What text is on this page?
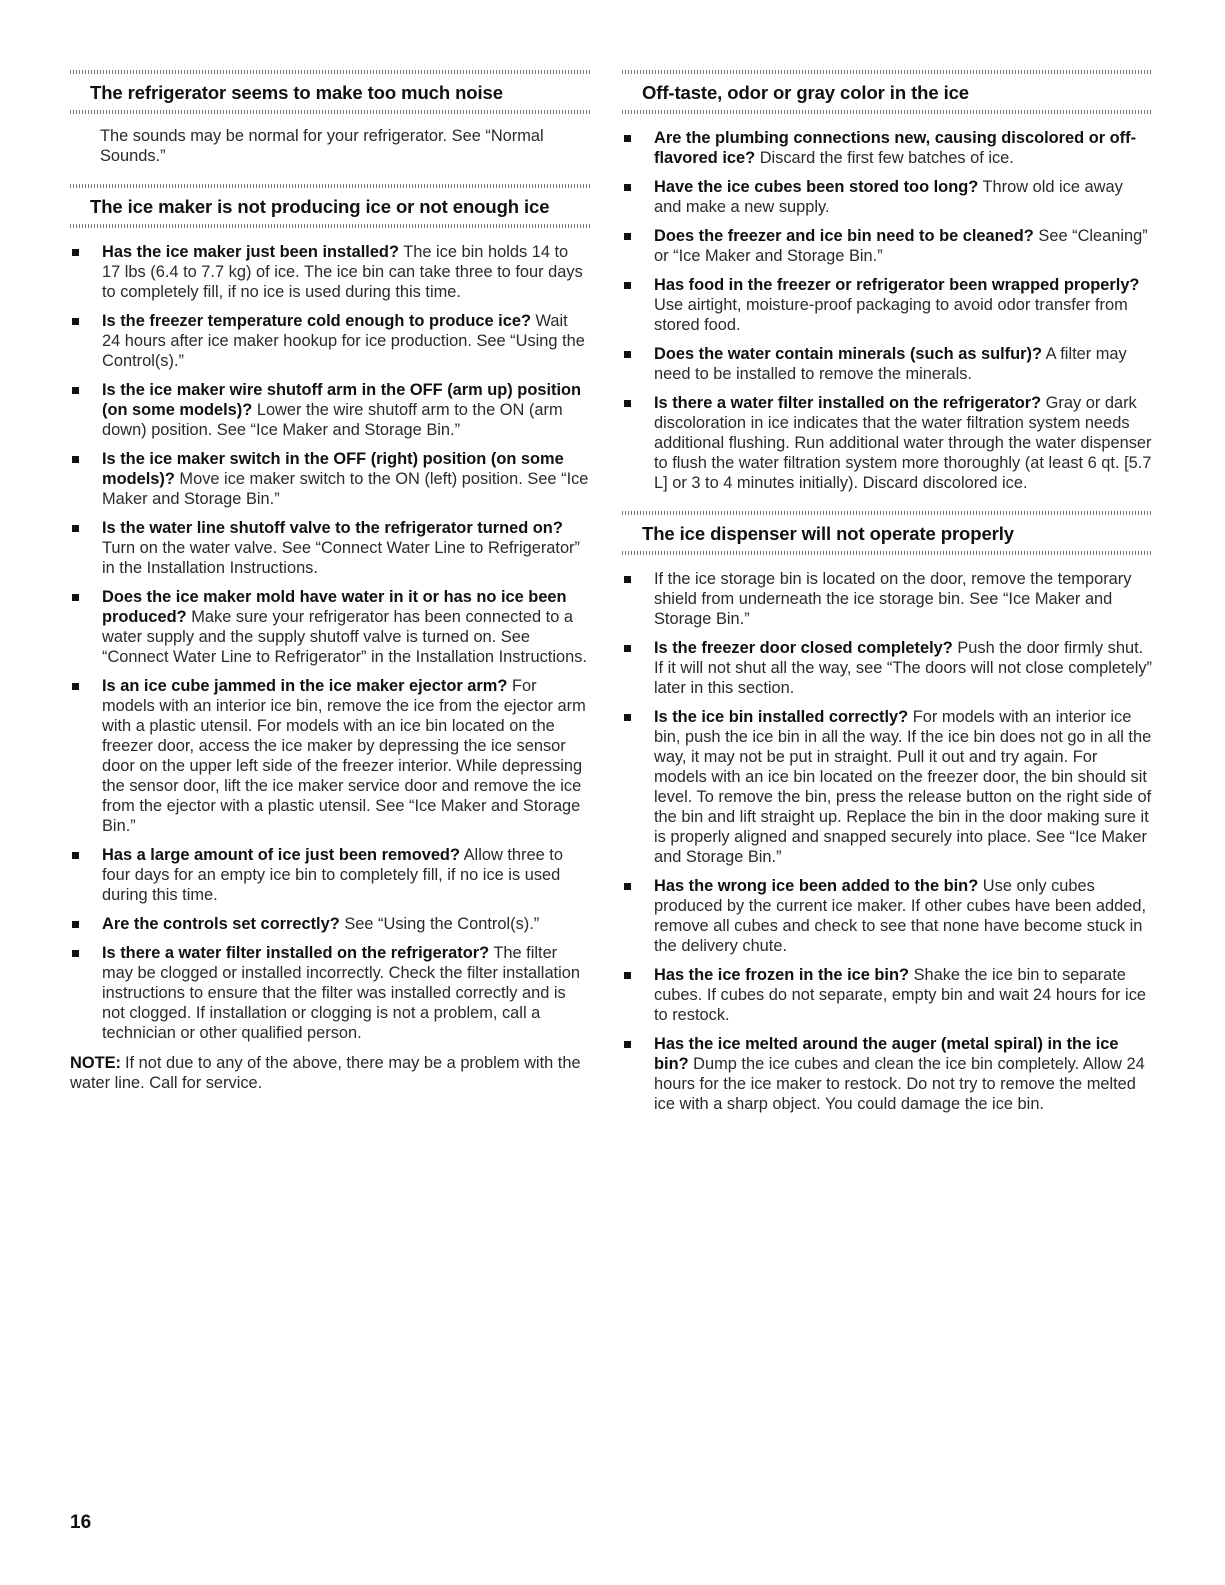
The refrigerator seems to make too much noise

The sounds may be normal for your refrigerator. See “Normal Sounds.”

The ice maker is not producing ice or not enough ice
Has the ice maker just been installed? The ice bin holds 14 to 17 lbs (6.4 to 7.7 kg) of ice. The ice bin can take three to four days to completely fill, if no ice is used during this time.
Is the freezer temperature cold enough to produce ice? Wait 24 hours after ice maker hookup for ice production. See “Using the Control(s).”
Is the ice maker wire shutoff arm in the OFF (arm up) position (on some models)? Lower the wire shutoff arm to the ON (arm down) position. See “Ice Maker and Storage Bin.”
Is the ice maker switch in the OFF (right) position (on some models)? Move ice maker switch to the ON (left) position. See “Ice Maker and Storage Bin.”
Is the water line shutoff valve to the refrigerator turned on? Turn on the water valve. See “Connect Water Line to Refrigerator” in the Installation Instructions.
Does the ice maker mold have water in it or has no ice been produced? Make sure your refrigerator has been connected to a water supply and the supply shutoff valve is turned on. See “Connect Water Line to Refrigerator” in the Installation Instructions.
Is an ice cube jammed in the ice maker ejector arm? For models with an interior ice bin, remove the ice from the ejector arm with a plastic utensil. For models with an ice bin located on the freezer door, access the ice maker by depressing the ice sensor door on the upper left side of the freezer interior. While depressing the sensor door, lift the ice maker service door and remove the ice from the ejector with a plastic utensil. See “Ice Maker and Storage Bin.”
Has a large amount of ice just been removed? Allow three to four days for an empty ice bin to completely fill, if no ice is used during this time.
Are the controls set correctly? See “Using the Control(s).”
Is there a water filter installed on the refrigerator? The filter may be clogged or installed incorrectly. Check the filter installation instructions to ensure that the filter was installed correctly and is not clogged. If installation or clogging is not a problem, call a technician or other qualified person.

NOTE: If not due to any of the above, there may be a problem with the water line. Call for service.

Off-taste, odor or gray color in the ice
Are the plumbing connections new, causing discolored or off-flavored ice? Discard the first few batches of ice.
Have the ice cubes been stored too long? Throw old ice away and make a new supply.
Does the freezer and ice bin need to be cleaned? See “Cleaning” or “Ice Maker and Storage Bin.”
Has food in the freezer or refrigerator been wrapped properly? Use airtight, moisture-proof packaging to avoid odor transfer from stored food.
Does the water contain minerals (such as sulfur)? A filter may need to be installed to remove the minerals.
Is there a water filter installed on the refrigerator? Gray or dark discoloration in ice indicates that the water filtration system needs additional flushing. Run additional water through the water dispenser to flush the water filtration system more thoroughly (at least 6 qt. [5.7 L] or 3 to 4 minutes initially). Discard discolored ice.
The ice dispenser will not operate properly
If the ice storage bin is located on the door, remove the temporary shield from underneath the ice storage bin. See “Ice Maker and Storage Bin.”
Is the freezer door closed completely? Push the door firmly shut. If it will not shut all the way, see “The doors will not close completely” later in this section.
Is the ice bin installed correctly? For models with an interior ice bin, push the ice bin in all the way. If the ice bin does not go in all the way, it may not be put in straight. Pull it out and try again. For models with an ice bin located on the freezer door, the bin should sit level. To remove the bin, press the release button on the right side of the bin and lift straight up. Replace the bin in the door making sure it is properly aligned and snapped securely into place. See “Ice Maker and Storage Bin.”
Has the wrong ice been added to the bin? Use only cubes produced by the current ice maker. If other cubes have been added, remove all cubes and check to see that none have become stuck in the delivery chute.
Has the ice frozen in the ice bin? Shake the ice bin to separate cubes. If cubes do not separate, empty bin and wait 24 hours for ice to restock.
Has the ice melted around the auger (metal spiral) in the ice bin? Dump the ice cubes and clean the ice bin completely. Allow 24 hours for the ice maker to restock. Do not try to remove the melted ice with a sharp object. You could damage the ice bin.
16
